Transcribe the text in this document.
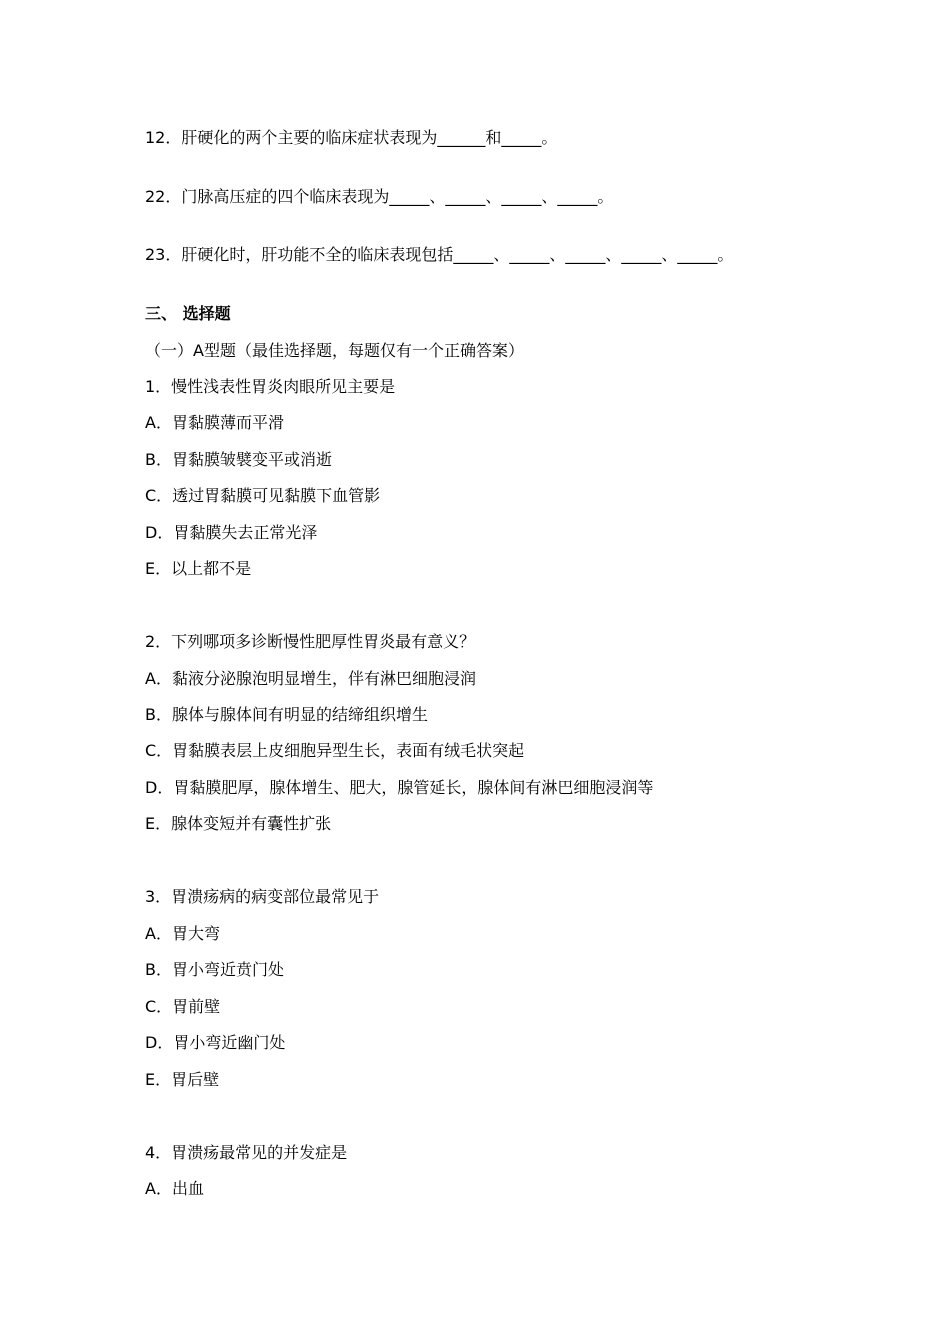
12．肝硬化的两个主要的临床症状表现为______和_____。
22．门脉高压症的四个临床表现为_____、_____、_____、_____。
23．肝硬化时，肝功能不全的临床表现包括_____、_____、_____、_____、_____。
三、 选择题
（一）A型题（最佳选择题，每题仅有一个正确答案）
1．慢性浅表性胃炎肉眼所见主要是
A．胃黏膜薄而平滑
B．胃黏膜皱襞变平或消逝
C．透过胃黏膜可见黏膜下血管影
D．胃黏膜失去正常光泽
E．以上都不是
2．下列哪项多诊断慢性肥厚性胃炎最有意义？
A．黏液分泌腺泡明显增生，伴有淋巴细胞浸润
B．腺体与腺体间有明显的结缔组织增生
C．胃黏膜表层上皮细胞异型生长，表面有绒毛状突起
D．胃黏膜肥厚，腺体增生、肥大，腺管延长，腺体间有淋巴细胞浸润等
E．腺体变短并有囊性扩张
3．胃溃疡病的病变部位最常见于
A．胃大弯
B．胃小弯近贲门处
C．胃前壁
D．胃小弯近幽门处
E．胃后壁
4．胃溃疡最常见的并发症是
A．出血
